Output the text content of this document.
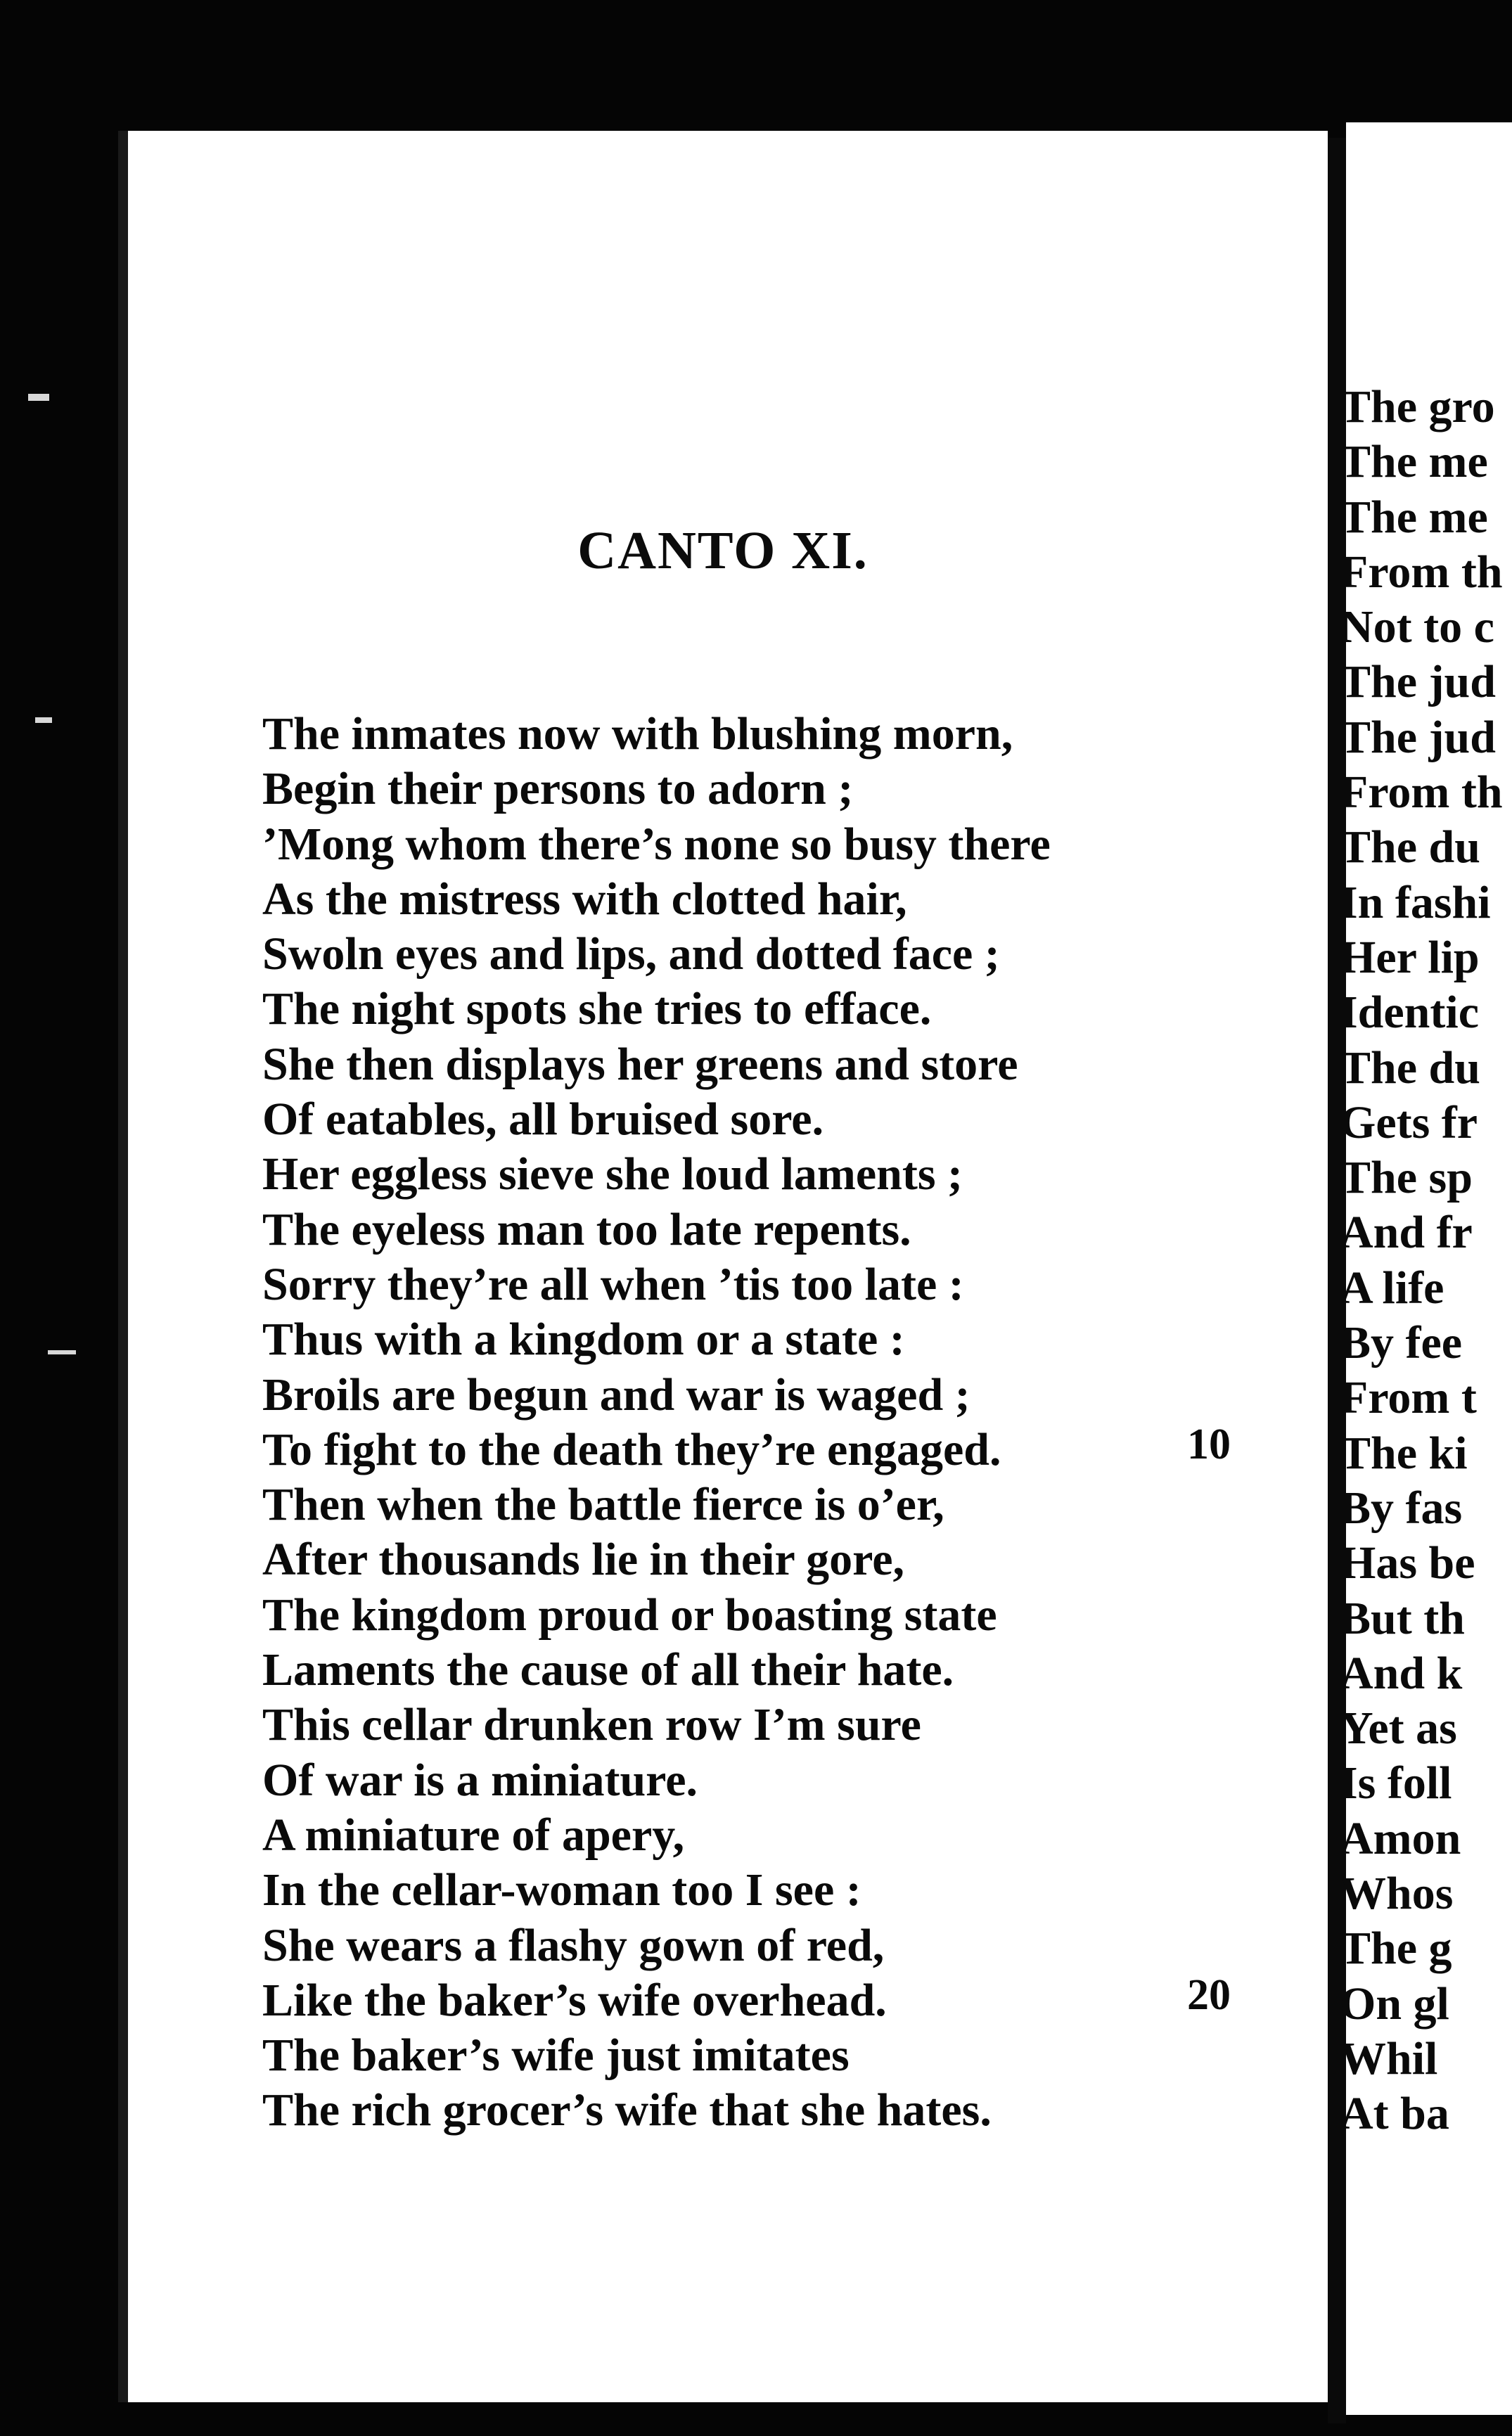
CANTO XI.
The inmates now with blushing morn,
Begin their persons to adorn ;
’Mong whom there’s none so busy there
As the mistress with clotted hair,
Swoln eyes and lips, and dotted face ;
The night spots she tries to efface.
She then displays her greens and store
Of eatables, all bruised sore.
Her eggless sieve she loud laments ;
The eyeless man too late repents.
Sorry they’re all when ’tis too late :
Thus with a kingdom or a state :
Broils are begun and war is waged ;
To fight to the death they’re engaged.
Then when the battle fierce is o’er,
After thousands lie in their gore,
The kingdom proud or boasting state
Laments the cause of all their hate.
This cellar drunken row I’m sure
Of war is a miniature.
A miniature of apery,
In the cellar-woman too I see :
She wears a flashy gown of red,
Like the baker’s wife overhead.
The baker’s wife just imitates
The rich grocer’s wife that she hates.
10
20
The gro
The me
The me
From th
Not to c
The jud
The jud
From th
The du
In fashi
Her lip
Identic
The du
Gets fr
The sp
And fr
A life
By fee
From t
The ki
By fas
Has be
But th
And k
Yet as
Is foll
Amon
Whos
The g
On gl
Whil
At ba
